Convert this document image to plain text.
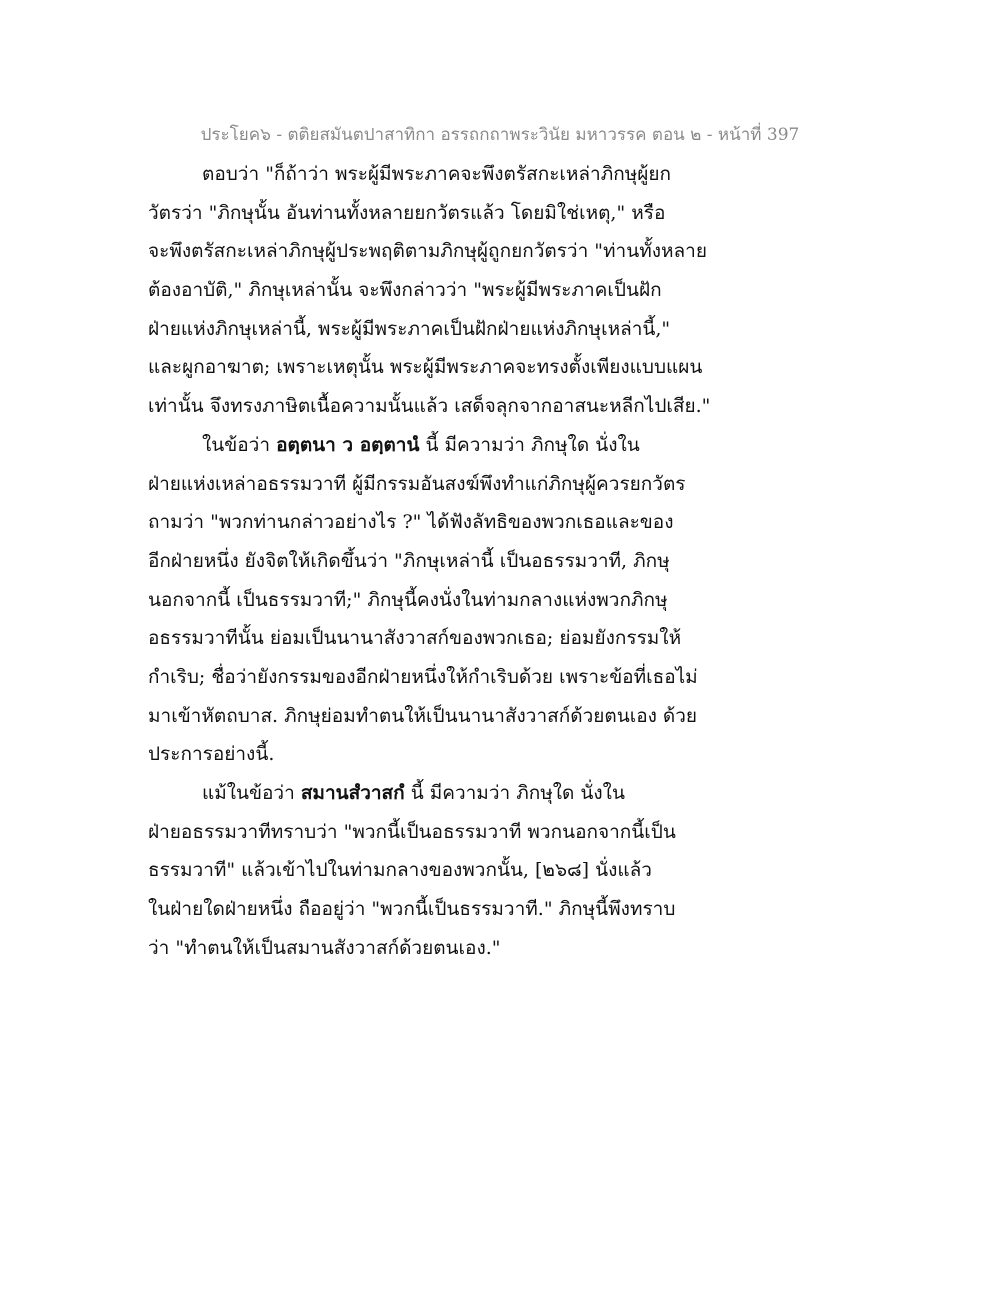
ประโยค๖ - ตติยสมันตปาสาทิกา อรรถกถาพระวินัย มหาวรรค ตอน ๒ - หน้าที่ 397
ตอบว่า "ก็ถ้าว่า พระผู้มีพระภาคจะพึงตรัสกะเหล่าภิกษุผู้ยก
วัตรว่า "ภิกษุนั้น อันท่านทั้งหลายยกวัตรแล้ว โดยมิใช่เหตุ," หรือ
จะพึงตรัสกะเหล่าภิกษุผู้ประพฤติตามภิกษุผู้ถูกยกวัตรว่า "ท่านทั้งหลาย
ต้องอาบัติ," ภิกษุเหล่านั้น จะพึงกล่าวว่า "พระผู้มีพระภาคเป็นฝัก
ฝ่ายแห่งภิกษุเหล่านี้, พระผู้มีพระภาคเป็นฝักฝ่ายแห่งภิกษุเหล่านี้,"
และผูกอาฆาต; เพราะเหตุนั้น พระผู้มีพระภาคจะทรงตั้งเพียงแบบแผน
เท่านั้น จึงทรงภาษิตเนื้อความนั้นแล้ว เสด็จลุกจากอาสนะหลีกไปเสีย."
ในข้อว่า อตฺตนา ว อตฺตานํ นี้ มีความว่า ภิกษุใด นั่งใน
ฝ่ายแห่งเหล่าอธรรมวาที ผู้มีกรรมอันสงฆ์พึงทำแก่ภิกษุผู้ควรยกวัตร
ถามว่า "พวกท่านกล่าวอย่างไร ?" ได้ฟังลัทธิของพวกเธอและของ
อีกฝ่ายหนึ่ง ยังจิตให้เกิดขึ้นว่า "ภิกษุเหล่านี้ เป็นอธรรมวาที, ภิกษุ
นอกจากนี้ เป็นธรรมวาที;" ภิกษุนี้คงนั่งในท่ามกลางแห่งพวกภิกษุ
อธรรมวาทีนั้น ย่อมเป็นนานาสังวาสก์ของพวกเธอ; ย่อมยังกรรมให้
กำเริบ; ชื่อว่ายังกรรมของอีกฝ่ายหนึ่งให้กำเริบด้วย เพราะข้อที่เธอไม่
มาเข้าหัตถบาส. ภิกษุย่อมทำตนให้เป็นนานาสังวาสก์ด้วยตนเอง ด้วย
ประการอย่างนี้.
แม้ในข้อว่า สมานสํวาสกํ นี้ มีความว่า ภิกษุใด นั่งใน
ฝ่ายอธรรมวาทีทราบว่า "พวกนี้เป็นอธรรมวาที พวกนอกจากนี้เป็น
ธรรมวาที" แล้วเข้าไปในท่ามกลางของพวกนั้น, [๒๖๘] นั่งแล้ว
ในฝ่ายใดฝ่ายหนึ่ง ถืออยู่ว่า "พวกนี้เป็นธรรมวาที." ภิกษุนี้พึงทราบ
ว่า "ทำตนให้เป็นสมานสังวาสก์ด้วยตนเอง."
